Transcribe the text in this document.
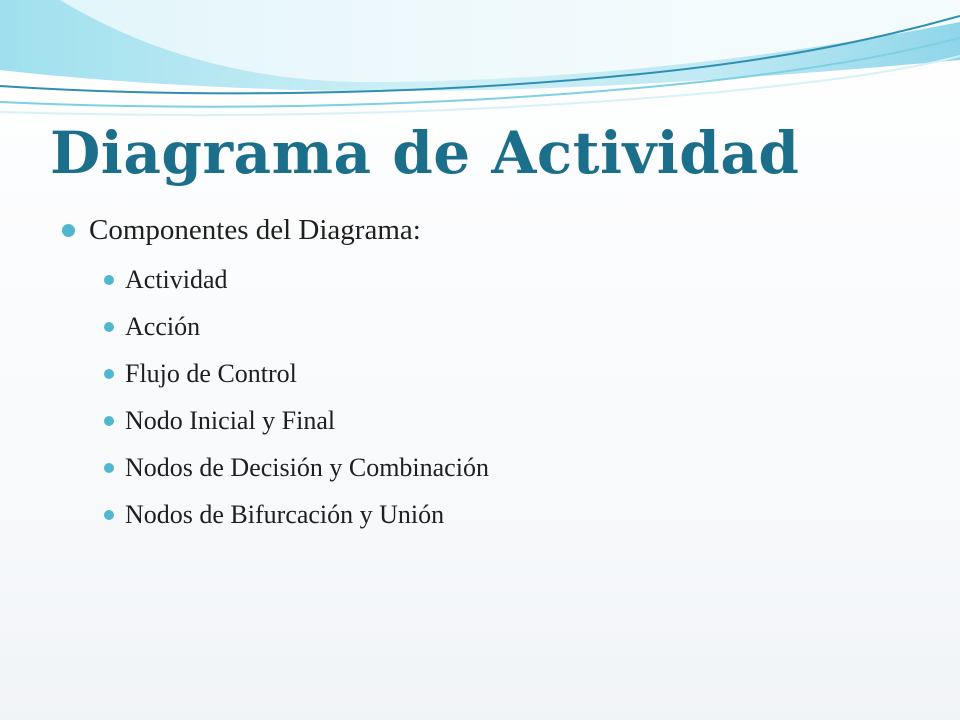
Diagrama de Actividad
Componentes del Diagrama:
Actividad
Acción
Flujo de Control
Nodo Inicial y Final
Nodos de Decisión y Combinación
Nodos de Bifurcación y Unión
